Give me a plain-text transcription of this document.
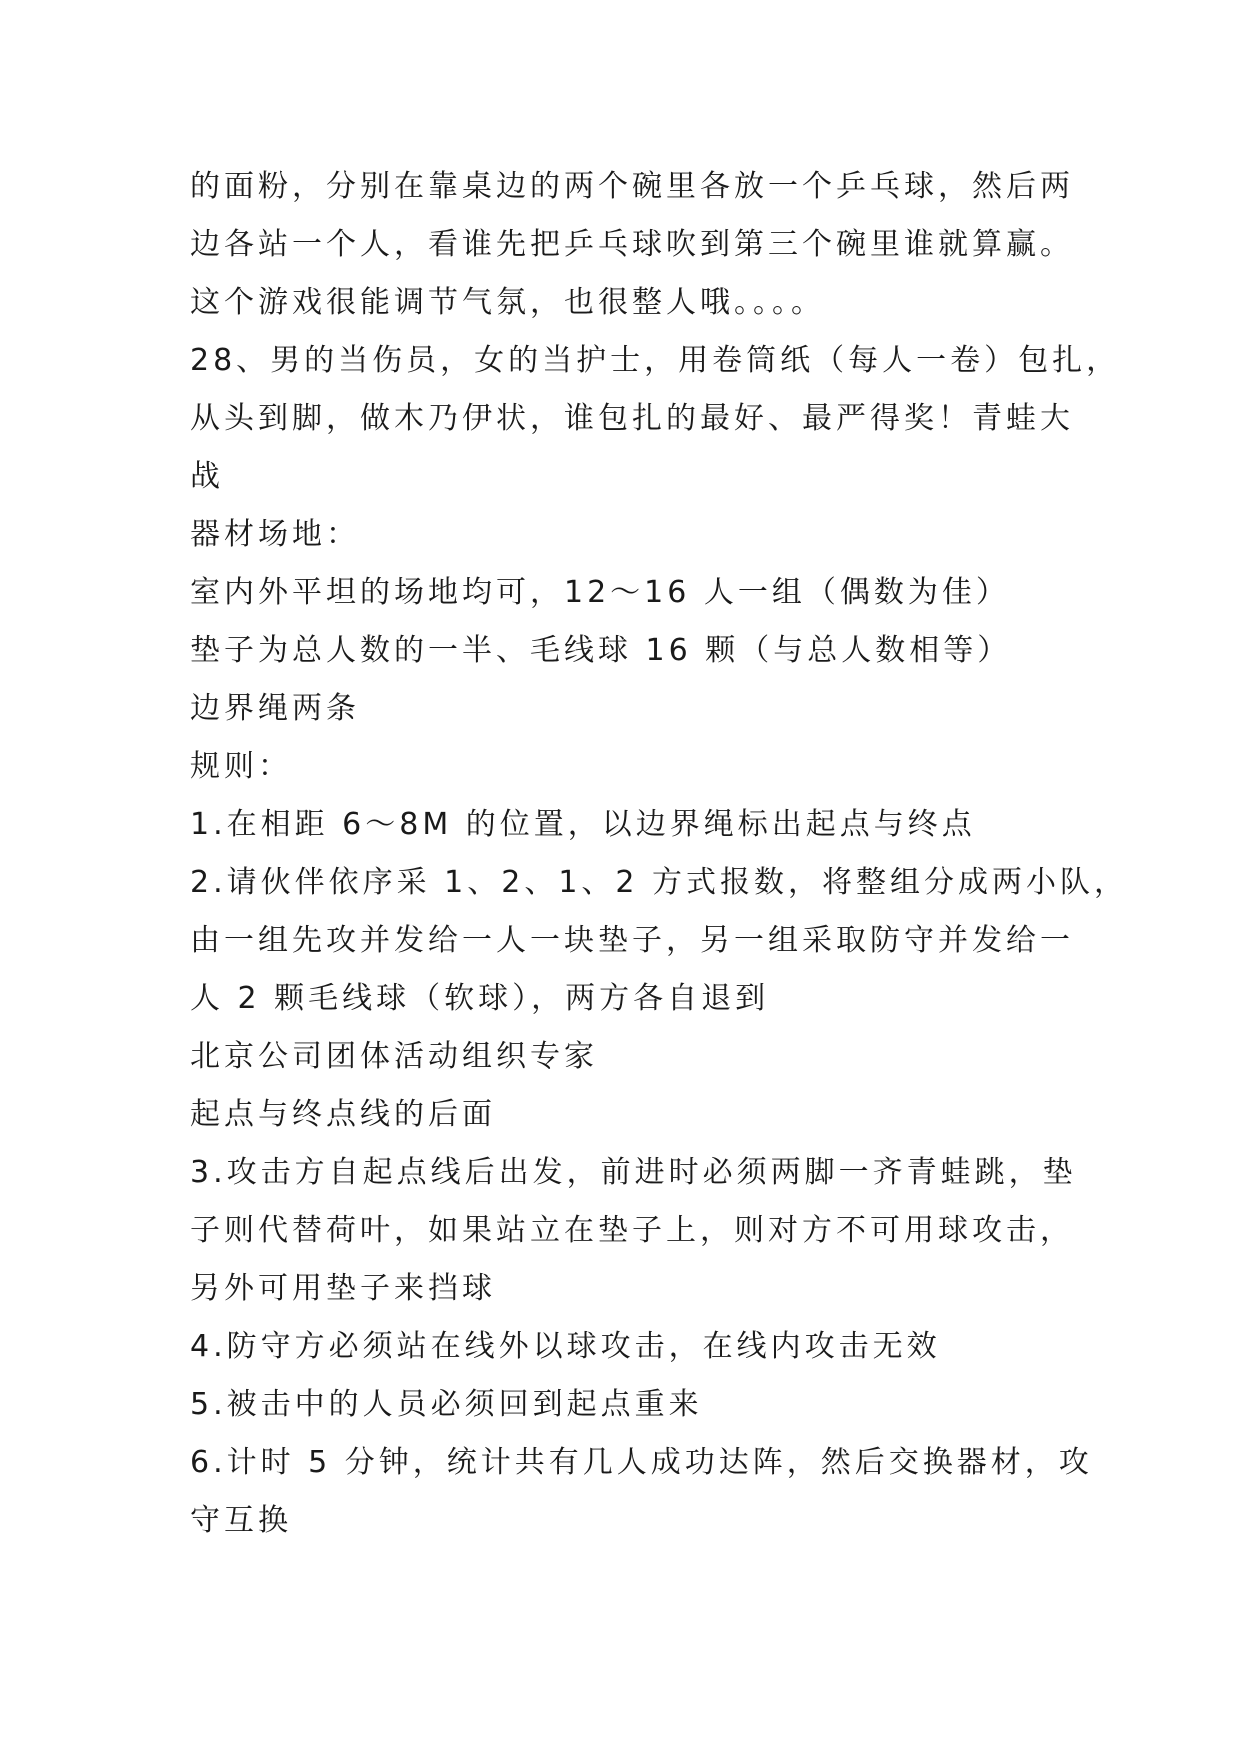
的面粉，分别在靠桌边的两个碗里各放一个乒乓球，然后两
边各站一个人，看谁先把乒乓球吹到第三个碗里谁就算赢。
这个游戏很能调节气氛，也很整人哦。。。。
28、男的当伤员，女的当护士，用卷筒纸（每人一卷）包扎，
从头到脚，做木乃伊状，谁包扎的最好、最严得奖！青蛙大
战
器材场地：
室内外平坦的场地均可，12～16 人一组（偶数为佳）
垫子为总人数的一半、毛线球 16 颗（与总人数相等）
边界绳两条
规则：
1.在相距 6～8M 的位置，以边界绳标出起点与终点
2.请伙伴依序采 1、2、1、2 方式报数，将整组分成两小队，
由一组先攻并发给一人一块垫子，另一组采取防守并发给一
人 2 颗毛线球（软球），两方各自退到
北京公司团体活动组织专家
起点与终点线的后面
3.攻击方自起点线后出发，前进时必须两脚一齐青蛙跳，垫
子则代替荷叶，如果站立在垫子上，则对方不可用球攻击，
另外可用垫子来挡球
4.防守方必须站在线外以球攻击，在线内攻击无效
5.被击中的人员必须回到起点重来
6.计时 5 分钟，统计共有几人成功达阵，然后交换器材，攻
守互换
